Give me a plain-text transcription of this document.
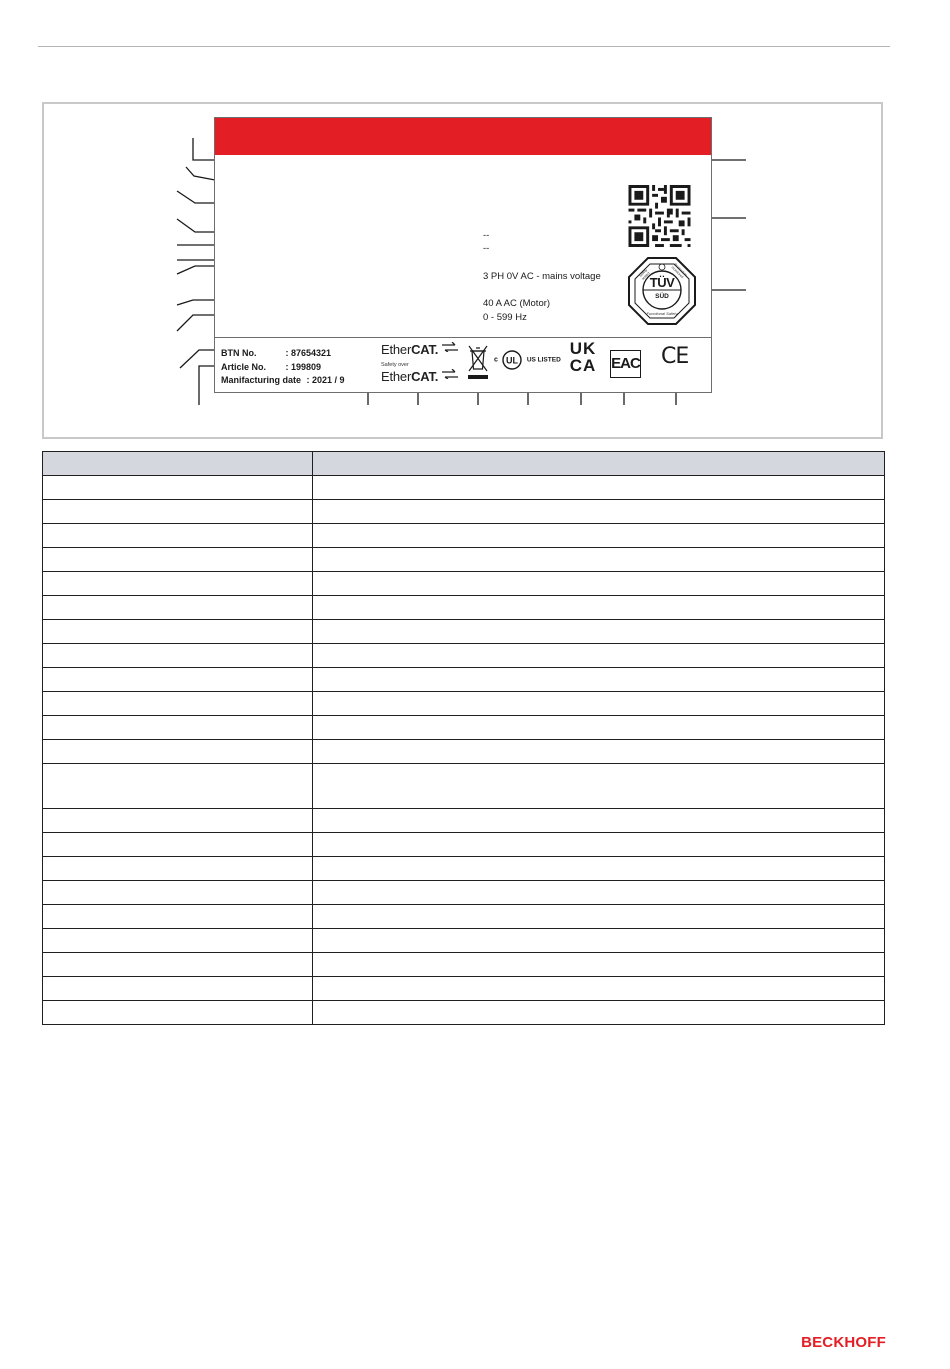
--
--
3 PH 0V AC - mains voltage
40 A AC (Motor)
0 - 599 Hz
TÜV
SÜD
Functional Safety
Safety tested	Production monitored
BTN No.	: 87654321
Article No. : 199809
Manifacturing date : 2021 / 9
EtherCAT.
Safety over
EtherCAT.
c UL US LISTED
UK
CA EAC CE

BECKHOFF
